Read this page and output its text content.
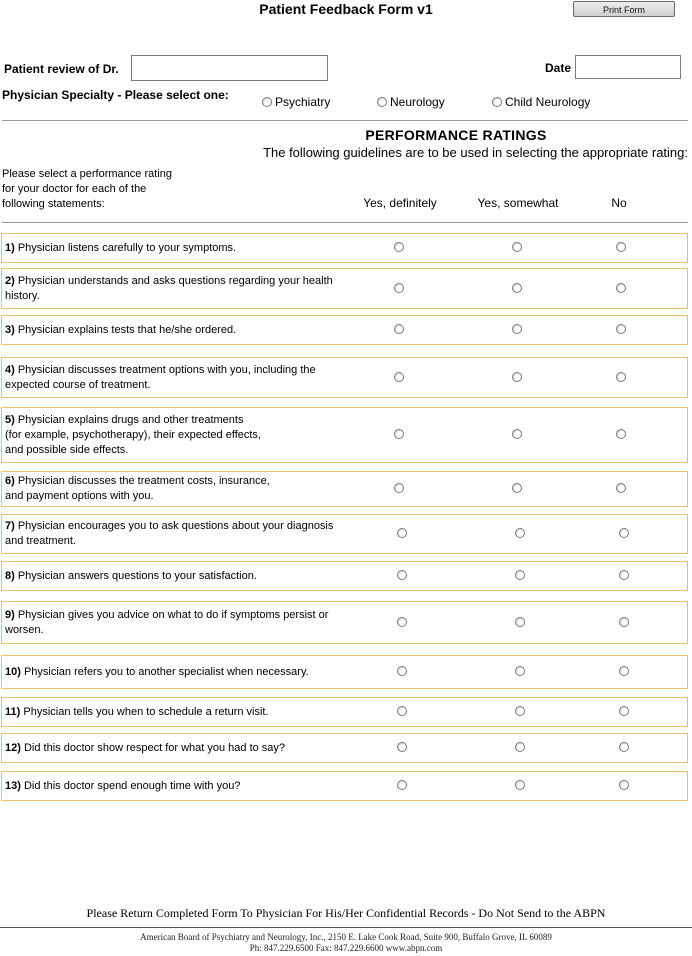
Patient Feedback Form v1	Print Form
Patient review of Dr.	Date
Physician Specialty - Please select one:	Psychiatry	Neurology	Child Neurology
PERFORMANCE RATINGS
The following guidelines are to be used in selecting the appropriate rating:
Please select a performance rating
for your doctor for each of the
following statements:	Yes, definitely	Yes, somewhat	No
1) Physician listens carefully to your symptoms.
2) Physician understands and asks questions regarding your health
history.
3) Physician explains tests that he/she ordered.
4) Physician discusses treatment options with you, including the
expected course of treatment.
5) Physician explains drugs and other treatments
(for example, psychotherapy), their expected effects,
and possible side effects.
6) Physician discusses the treatment costs, insurance,
and payment options with you.
7) Physician encourages you to ask questions about your diagnosis
and treatment.
8) Physician answers questions to your satisfaction.
9) Physician gives you advice on what to do if symptoms persist or
worsen.
10) Physician refers you to another specialist when necessary.
11) Physician tells you when to schedule a return visit.
12) Did this doctor show respect for what you had to say?
13) Did this doctor spend enough time with you?
Please Return Completed Form To Physician For His/Her Confidential Records - Do Not Send to the ABPN
American Board of Psychiatry and Neurology, Inc., 2150 E. Lake Cook Road, Suite 900, Buffalo Grove, IL 60089
Ph: 847.229.6500 Fax: 847.229.6600 www.abpn.com
